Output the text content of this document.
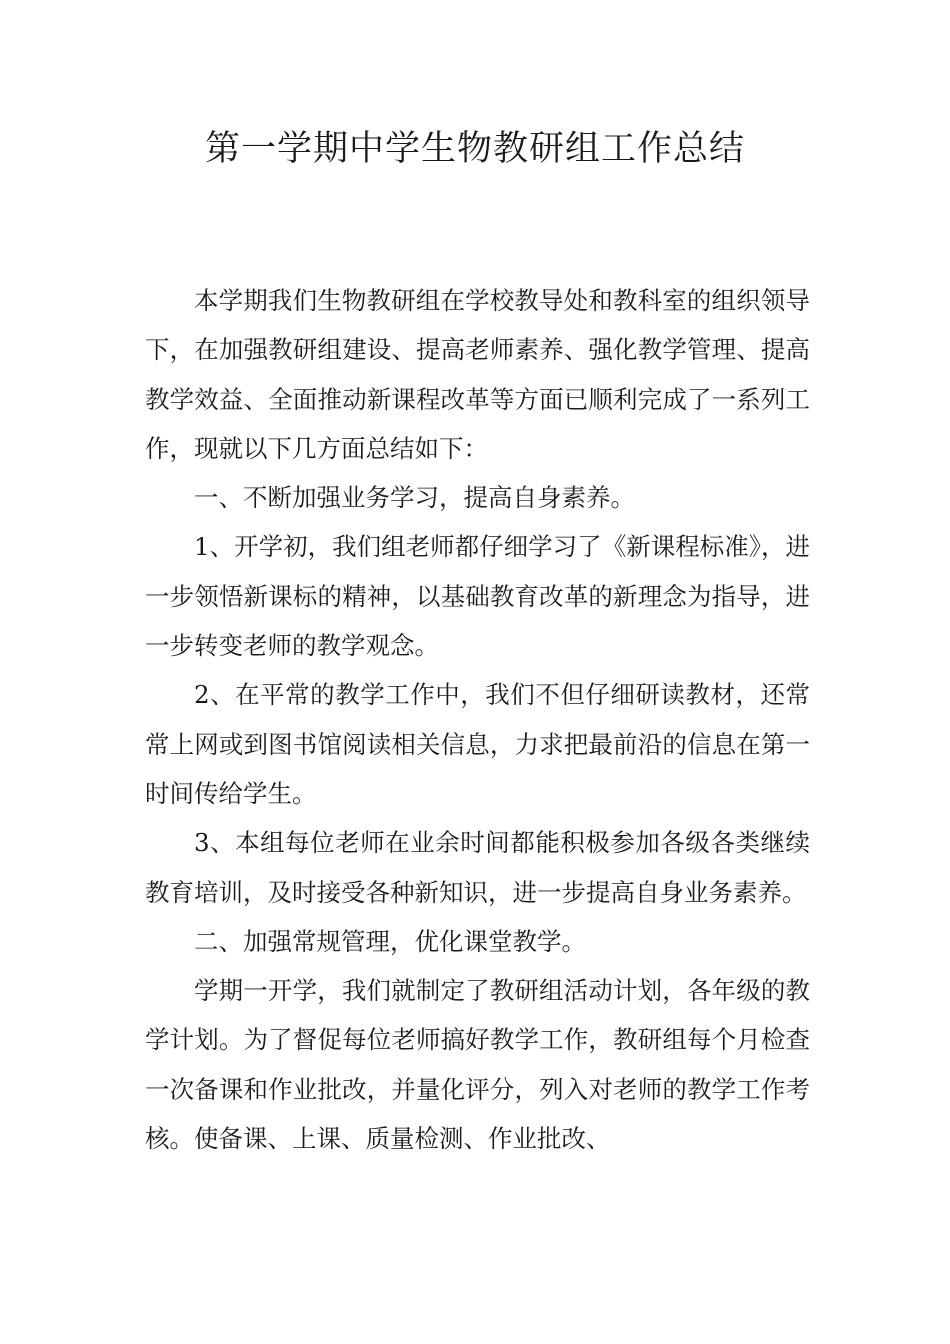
第一学期中学生物教研组工作总结

本学期我们生物教研组在学校教导处和教科室的组织领导下，在加强教研组建设、提高老师素养、强化教学管理、提高教学效益、全面推动新课程改革等方面已顺利完成了一系列工作，现就以下几方面总结如下：

一、不断加强业务学习，提高自身素养。

1、开学初，我们组老师都仔细学习了《新课程标准》，进一步领悟新课标的精神，以基础教育改革的新理念为指导，进一步转变老师的教学观念。

2、在平常的教学工作中，我们不但仔细研读教材，还常常上网或到图书馆阅读相关信息，力求把最前沿的信息在第一时间传给学生。

3、本组每位老师在业余时间都能积极参加各级各类继续教育培训，及时接受各种新知识，进一步提高自身业务素养。

二、加强常规管理，优化课堂教学。

学期一开学，我们就制定了教研组活动计划，各年级的教学计划。为了督促每位老师搞好教学工作，教研组每个月检查一次备课和作业批改，并量化评分，列入对老师的教学工作考核。使备课、上课、质量检测、作业批改、
